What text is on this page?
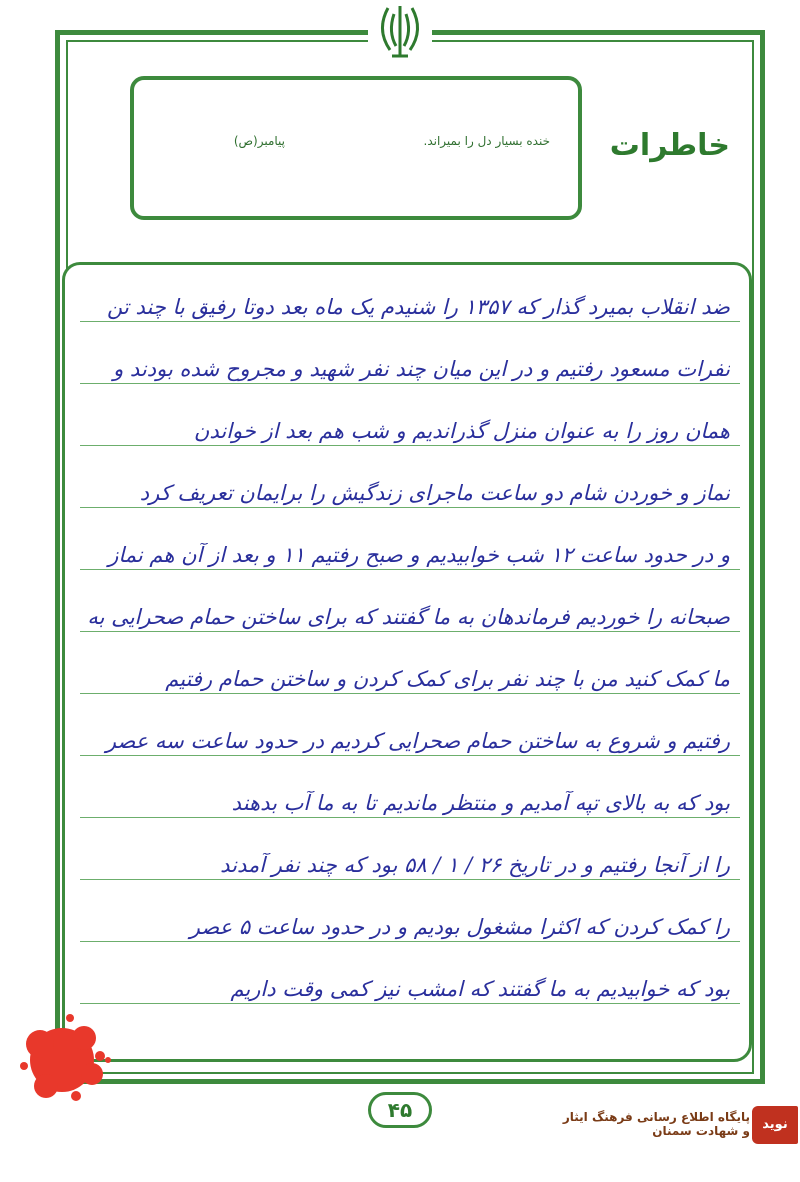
خنده بسیار دل را بمیراند.
پیامبر(ص)	خاطرات
ضد انقلاب بمیرد گذار که ۱۳۵۷ را شنیدم یک ماه بعد دوتا رفیق با چند تن
نفرات مسعود رفتیم و در این میان چند نفر شهید و مجروح شده بودند و
همان روز را به عنوان منزل گذراندیم و شب هم بعد از خواندن
نماز و خوردن شام دو ساعت ماجرای زندگیش را برایمان تعریف کرد
و در حدود ساعت ۱۲ شب خوابیدیم و صبح رفتیم ۱۱ و بعد از آن هم نماز
صبحانه را خوردیم فرماندهان به ما گفتند که برای ساختن حمام صحرایی به
ما کمک کنید من با چند نفر برای کمک کردن و ساختن حمام رفتیم
رفتیم و شروع به ساختن حمام صحرایی کردیم در حدود ساعت سه عصر
بود که به بالای تپه آمدیم و منتظر ماندیم تا به ما آب بدهند
را از آنجا رفتیم و در تاریخ ۲۶ / ۱ / ۵۸ بود که چند نفر آمدند
را کمک کردن که اکثرا مشغول بودیم و در حدود ساعت ۵ عصر
بود که خوابیدیم به ما گفتند که امشب نیز کمی وقت داریم
۴۵	پایگاه اطلاع رسانی فرهنگ ایثار و شهادت سمنان نوید شاهد
